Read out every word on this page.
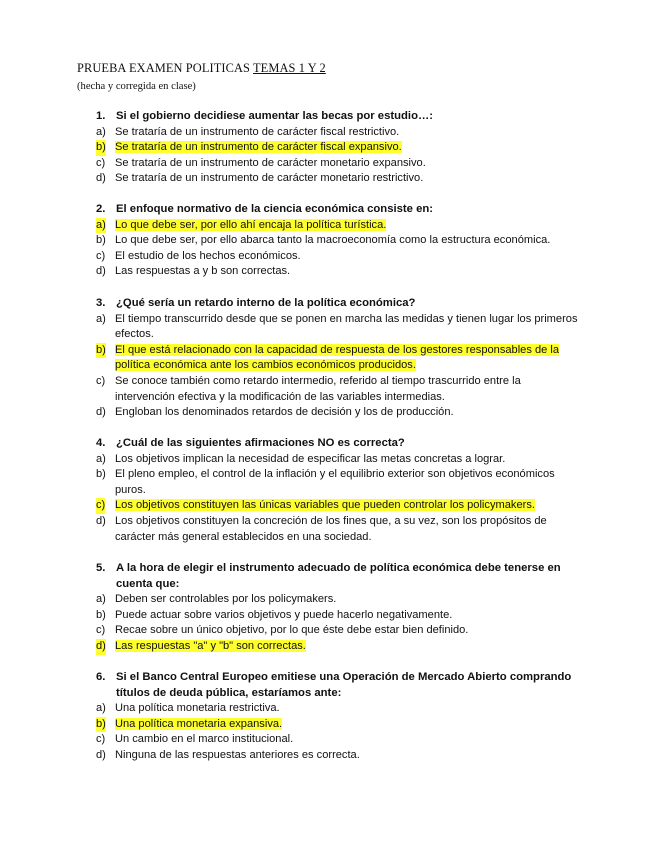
PRUEBA EXAMEN POLITICAS TEMAS 1 Y 2
(hecha y corregida en clase)
1. Si el gobierno decidiese aumentar las becas por estudio…:
a) Se trataría de un instrumento de carácter fiscal restrictivo.
b) Se trataría de un instrumento de carácter fiscal expansivo.
c) Se trataría de un instrumento de carácter monetario expansivo.
d) Se trataría de un instrumento de carácter monetario restrictivo.
2. El enfoque normativo de la ciencia económica consiste en:
a) Lo que debe ser, por ello ahí encaja la política turística.
b) Lo que debe ser, por ello abarca tanto la macroeconomía como la estructura económica.
c) El estudio de los hechos económicos.
d) Las respuestas a y b son correctas.
3. ¿Qué sería un retardo interno de la política económica?
a) El tiempo transcurrido desde que se ponen en marcha las medidas y tienen lugar los primeros efectos.
b) El que está relacionado con la capacidad de respuesta de los gestores responsables de la política económica ante los cambios económicos producidos.
c) Se conoce también como retardo intermedio, referido al tiempo trascurrido entre la intervención efectiva y la modificación de las variables intermedias.
d) Engloban los denominados retardos de decisión y los de producción.
4. ¿Cuál de las siguientes afirmaciones NO es correcta?
a) Los objetivos implican la necesidad de especificar las metas concretas a lograr.
b) El pleno empleo, el control de la inflación y el equilibrio exterior son objetivos económicos puros.
c) Los objetivos constituyen las únicas variables que pueden controlar los policymakers.
d) Los objetivos constituyen la concreción de los fines que, a su vez, son los propósitos de carácter más general establecidos en una sociedad.
5. A la hora de elegir el instrumento adecuado de política económica debe tenerse en cuenta que:
a) Deben ser controlables por los policymakers.
b) Puede actuar sobre varios objetivos y puede hacerlo negativamente.
c) Recae sobre un único objetivo, por lo que éste debe estar bien definido.
d) Las respuestas "a" y "b" son correctas.
6. Si el Banco Central Europeo emitiese una Operación de Mercado Abierto comprando títulos de deuda pública, estaríamos ante:
a) Una política monetaria restrictiva.
b) Una política monetaria expansiva.
c) Un cambio en el marco institucional.
d) Ninguna de las respuestas anteriores es correcta.
